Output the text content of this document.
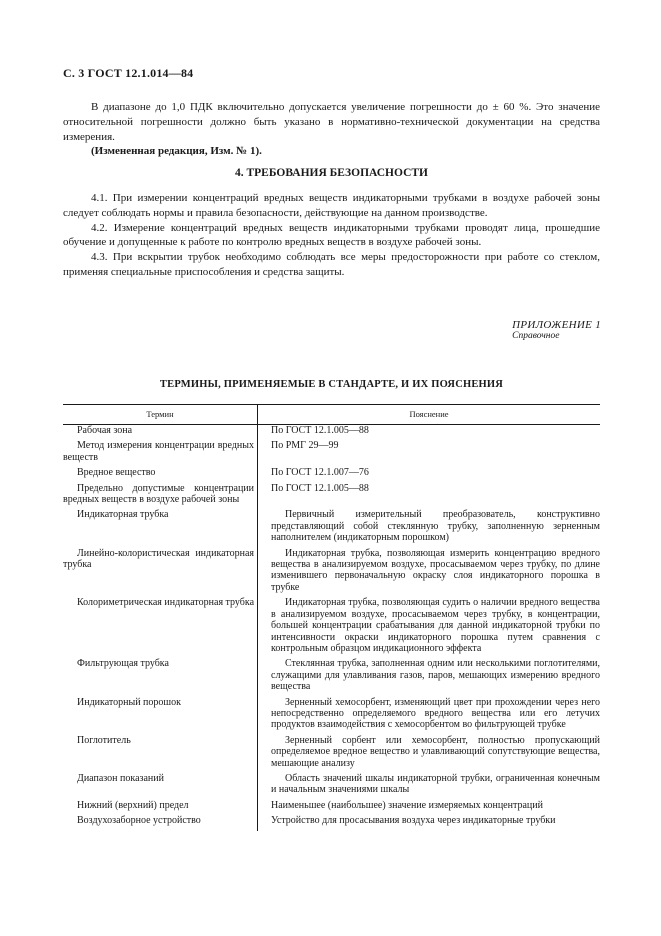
С. 3 ГОСТ 12.1.014—84

В диапазоне до 1,0 ПДК включительно допускается увеличение погрешности до ± 60 %. Это значение относительной погрешности должно быть указано в нормативно-технической документации на средства измерения.

(Измененная редакция, Изм. № 1).

4. ТРЕБОВАНИЯ БЕЗОПАСНОСТИ

4.1. При измерении концентраций вредных веществ индикаторными трубками в воздухе рабочей зоны следует соблюдать нормы и правила безопасности, действующие на данном производстве.

4.2. Измерение концентраций вредных веществ индикаторными трубками проводят лица, прошедшие обучение и допущенные к работе по контролю вредных веществ в воздухе рабочей зоны.

4.3. При вскрытии трубок необходимо соблюдать все меры предосторожности при работе со стеклом, применяя специальные приспособления и средства защиты.

ПРИЛОЖЕНИЕ 1
Справочное
ТЕРМИНЫ, ПРИМЕНЯЕМЫЕ В СТАНДАРТЕ, И ИХ ПОЯСНЕНИЯ
Термин	Пояснение

Рабочая зона	По ГОСТ 12.1.005—88

Метод измерения концентрации вредных веществ	По РМГ 29—99

Вредное вещество	По ГОСТ 12.1.007—76

Предельно допустимые концентрации вредных веществ в воздухе рабочей зоны	По ГОСТ 12.1.005—88

Индикаторная трубка	Первичный измерительный преобразователь, конструктивно представляющий собой стеклянную трубку, заполненную зерненным наполнителем (индикаторным порошком)

Линейно-колористическая индикаторная трубка	Индикаторная трубка, позволяющая измерить концентрацию вредного вещества в анализируемом воздухе, просасываемом через трубку, по длине изменившего первоначальную окраску слоя индикаторного порошка в трубке

Колориметрическая индикаторная трубка	Индикаторная трубка, позволяющая судить о наличии вредного вещества в анализируемом воздухе, просасываемом через трубку, в концентрации, большей концентрации срабатывания для данной индикаторной трубки по интенсивности окраски индикаторного порошка путем сравнения с контрольным образцом индикационного эффекта

Фильтрующая трубка	Стеклянная трубка, заполненная одним или несколькими поглотителями, служащими для улавливания газов, паров, мешающих измерению вредного вещества

Индикаторный порошок	Зерненный хемосорбент, изменяющий цвет при прохождении через него непосредственно определяемого вредного вещества или его летучих продуктов взаимодействия с хемосорбентом во фильтрующей трубке

Поглотитель	Зерненный сорбент или хемосорбент, полностью пропускающий определяемое вредное вещество и улавливающий сопутствующие вещества, мешающие анализу

Диапазон показаний	Область значений шкалы индикаторной трубки, ограниченная конечным и начальным значениями шкалы

Нижний (верхний) предел	Наименьшее (наибольшее) значение измеряемых концентраций

Воздухозаборное устройство	Устройство для просасывания воздуха через индикаторные трубки
